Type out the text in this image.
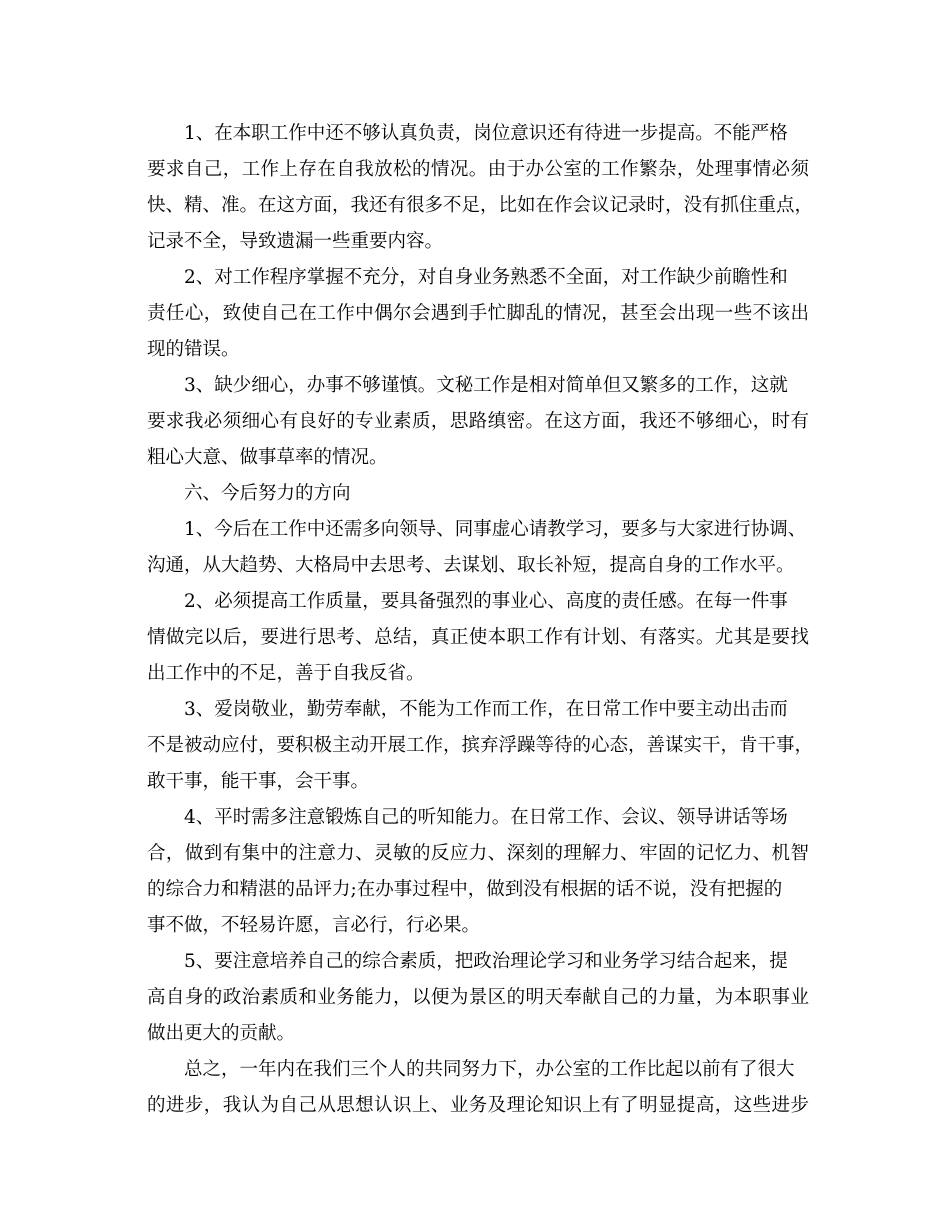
1、在本职工作中还不够认真负责，岗位意识还有待进一步提高。不能严格
要求自己，工作上存在自我放松的情况。由于办公室的工作繁杂，处理事情必须
快、精、准。在这方面，我还有很多不足，比如在作会议记录时，没有抓住重点，
记录不全，导致遗漏一些重要内容。
2、对工作程序掌握不充分，对自身业务熟悉不全面，对工作缺少前瞻性和
责任心，致使自己在工作中偶尔会遇到手忙脚乱的情况，甚至会出现一些不该出
现的错误。
3、缺少细心，办事不够谨慎。文秘工作是相对简单但又繁多的工作，这就
要求我必须细心有良好的专业素质，思路缜密。在这方面，我还不够细心，时有
粗心大意、做事草率的情况。
六、今后努力的方向
1、今后在工作中还需多向领导、同事虚心请教学习，要多与大家进行协调、
沟通，从大趋势、大格局中去思考、去谋划、取长补短，提高自身的工作水平。
2、必须提高工作质量，要具备强烈的事业心、高度的责任感。在每一件事
情做完以后，要进行思考、总结，真正使本职工作有计划、有落实。尤其是要找
出工作中的不足，善于自我反省。
3、爱岗敬业，勤劳奉献，不能为工作而工作，在日常工作中要主动出击而
不是被动应付，要积极主动开展工作，摈弃浮躁等待的心态，善谋实干，肯干事，
敢干事，能干事，会干事。
4、平时需多注意锻炼自己的听知能力。在日常工作、会议、领导讲话等场
合，做到有集中的注意力、灵敏的反应力、深刻的理解力、牢固的记忆力、机智
的综合力和精湛的品评力;在办事过程中，做到没有根据的话不说，没有把握的
事不做，不轻易许愿，言必行，行必果。
5、要注意培养自己的综合素质，把政治理论学习和业务学习结合起来，提
高自身的政治素质和业务能力，以便为景区的明天奉献自己的力量，为本职事业
做出更大的贡献。
总之，一年内在我们三个人的共同努力下，办公室的工作比起以前有了很大
的进步，我认为自己从思想认识上、业务及理论知识上有了明显提高，这些进步
